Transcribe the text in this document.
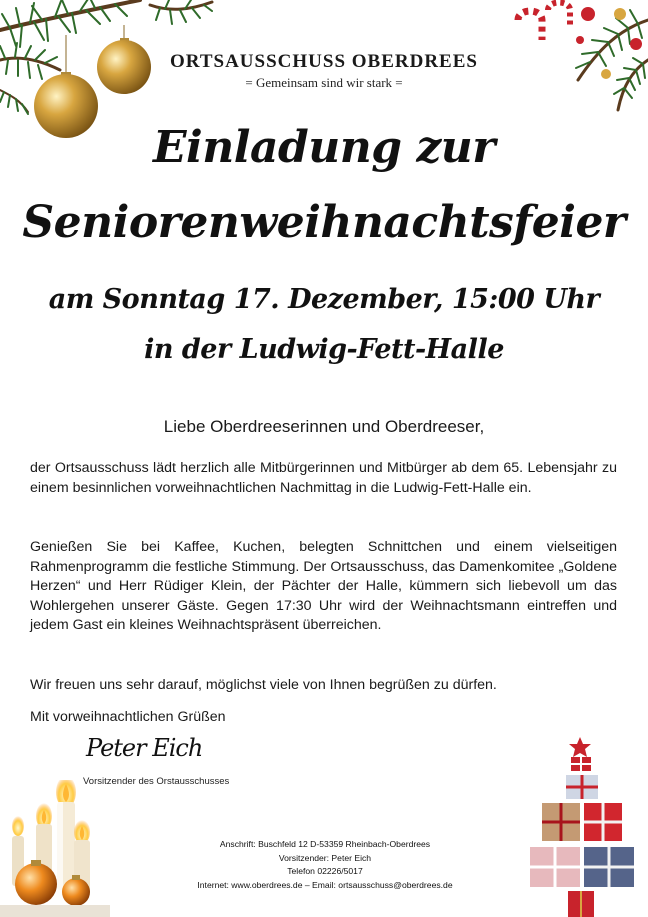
ORTSAUSSCHUSS OBERDREES
= Gemeinsam sind wir stark =
Einladung zur
Seniorenweihnachtsfeier
am Sonntag 17. Dezember, 15:00 Uhr
in der Ludwig-Fett-Halle
Liebe Oberdreeserinnen und Oberdreeser,
der Ortsausschuss lädt herzlich alle Mitbürgerinnen und Mitbürger ab dem 65. Lebensjahr zu einem besinnlichen vorweihnachtlichen Nachmittag in die Ludwig-Fett-Halle ein.
Genießen Sie bei Kaffee, Kuchen, belegten Schnittchen und einem vielseitigen Rahmenprogramm die festliche Stimmung. Der Ortsausschuss, das Damenkomitee „Goldene Herzen“ und Herr Rüdiger Klein, der Pächter der Halle, kümmern sich liebevoll um das Wohlergehen unserer Gäste. Gegen 17:30 Uhr wird der Weihnachtsmann eintreffen und jedem Gast ein kleines Weihnachtspräsent überreichen.
Wir freuen uns sehr darauf, möglichst viele von Ihnen begrüßen zu dürfen.
Mit vorweihnachtlichen Grüßen
Peter Eich
Vorsitzender des Orstausschusses
Anschrift: Buschfeld 12 D-53359 Rheinbach-Oberdrees
Vorsitzender: Peter Eich
Telefon 02226/5017
Internet: www.oberdrees.de – Email: ortsausschuss@oberdrees.de
